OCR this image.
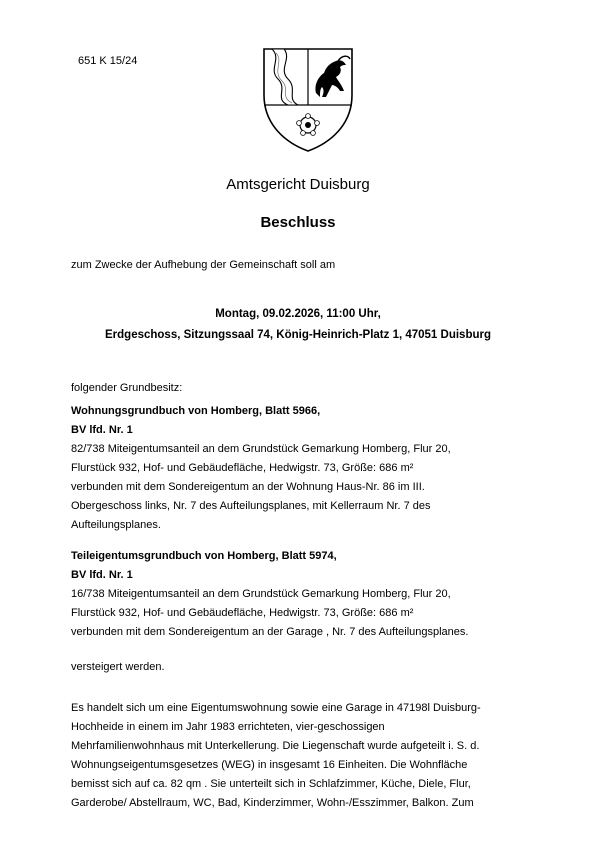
651 K 15/24
Amtsgericht Duisburg
Beschluss
zum Zwecke der Aufhebung der Gemeinschaft soll am
Montag, 09.02.2026, 11:00 Uhr,
Erdgeschoss, Sitzungssaal 74, König-Heinrich-Platz 1, 47051 Duisburg
folgender Grundbesitz:
Wohnungsgrundbuch von Homberg, Blatt 5966,
BV lfd. Nr. 1
82/738 Miteigentumsanteil an dem Grundstück Gemarkung Homberg, Flur 20,
Flurstück 932, Hof- und Gebäudefläche, Hedwigstr. 73, Größe: 686 m²
verbunden mit dem Sondereigentum an der Wohnung Haus-Nr. 86 im III.
Obergeschoss links, Nr. 7 des Aufteilungsplanes, mit Kellerraum Nr. 7 des
Aufteilungsplanes.
Teileigentumsgrundbuch von Homberg, Blatt 5974,
BV lfd. Nr. 1
16/738 Miteigentumsanteil an dem Grundstück Gemarkung Homberg, Flur 20,
Flurstück 932, Hof- und Gebäudefläche, Hedwigstr. 73, Größe: 686 m²
verbunden mit dem Sondereigentum an der Garage , Nr. 7 des Aufteilungsplanes.
versteigert werden.
Es handelt sich um eine Eigentumswohnung sowie eine Garage in 47198l Duisburg-
Hochheide in einem im Jahr 1983 errichteten, vier-geschossigen
Mehrfamilienwohnhaus mit Unterkellerung. Die Liegenschaft wurde aufgeteilt i. S. d.
Wohnungseigentumsgesetzes (WEG) in insgesamt 16 Einheiten. Die Wohnfläche
bemisst sich auf ca. 82 qm . Sie unterteilt sich in Schlafzimmer, Küche, Diele, Flur,
Garderobe/ Abstellraum, WC, Bad, Kinderzimmer, Wohn-/Esszimmer, Balkon. Zum
